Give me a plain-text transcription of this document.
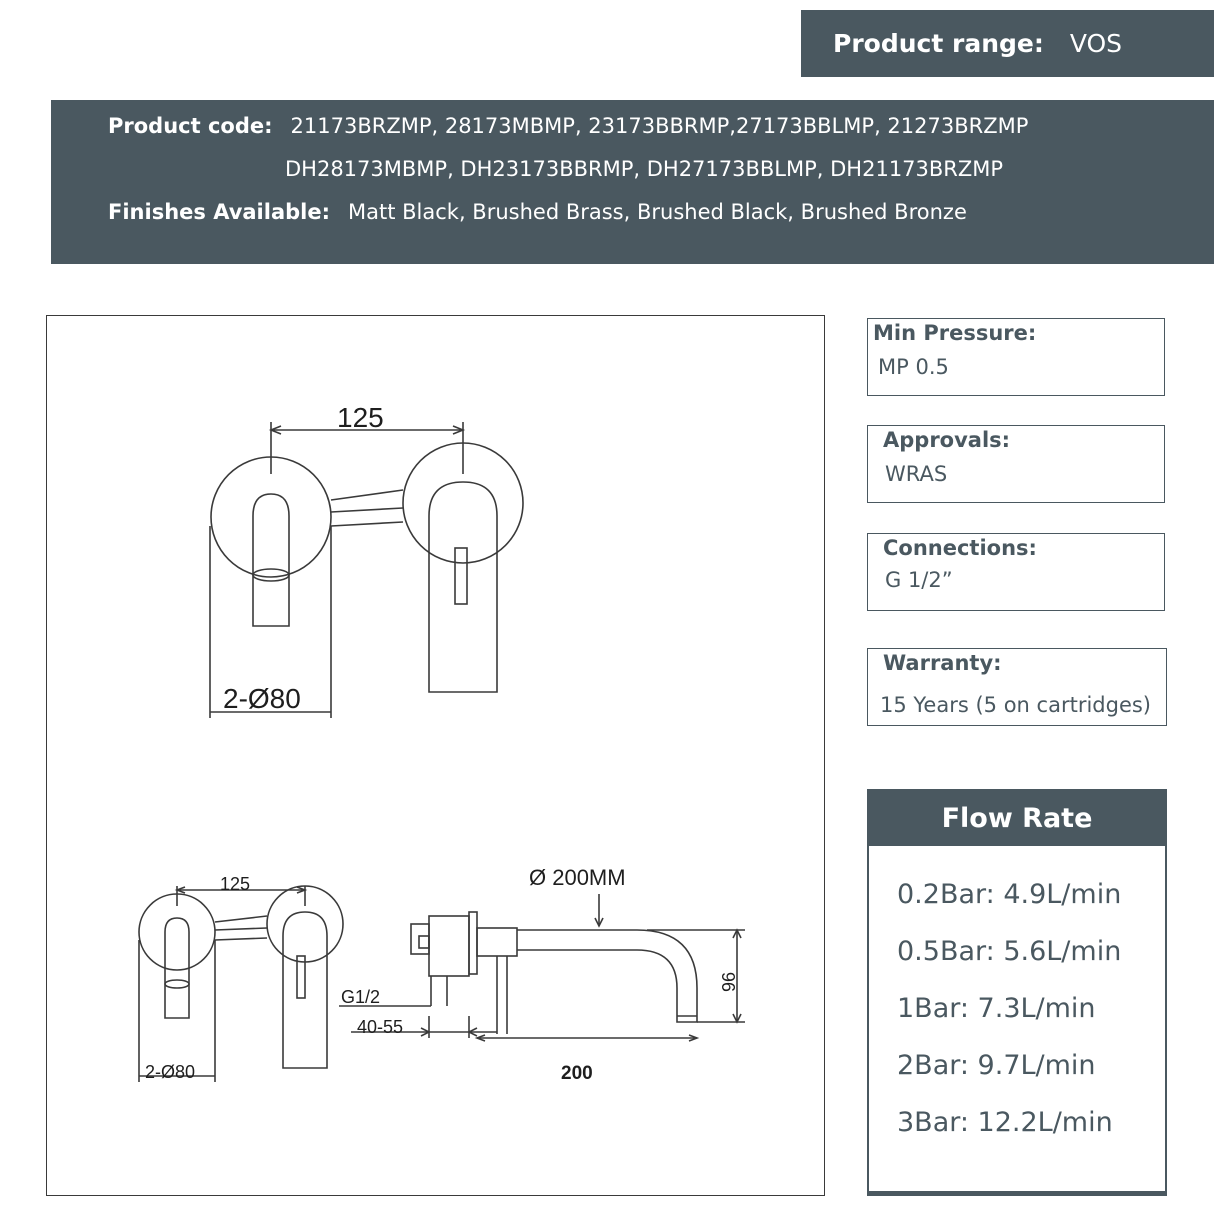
Product range: VOS
Product code: 21173BRZMP, 28173MBMP, 23173BBRMP,27173BBLMP, 21273BRZMP
DH28173MBMP, DH23173BBRMP, DH27173BBLMP, DH21173BRZMP
Finishes Available: Matt Black, Brushed Brass, Brushed Black, Brushed Bronze
125
2-Ø80
125
2-Ø80
Ø 200MM
G1/2
40-55
200
96
Min Pressure:
MP 0.5
Approvals:
WRAS
Connections:
G 1/2”
Warranty:
15 Years (5 on cartridges)
Flow Rate
0.2Bar: 4.9L/min
0.5Bar: 5.6L/min
1Bar: 7.3L/min
2Bar: 9.7L/min
3Bar: 12.2L/min
